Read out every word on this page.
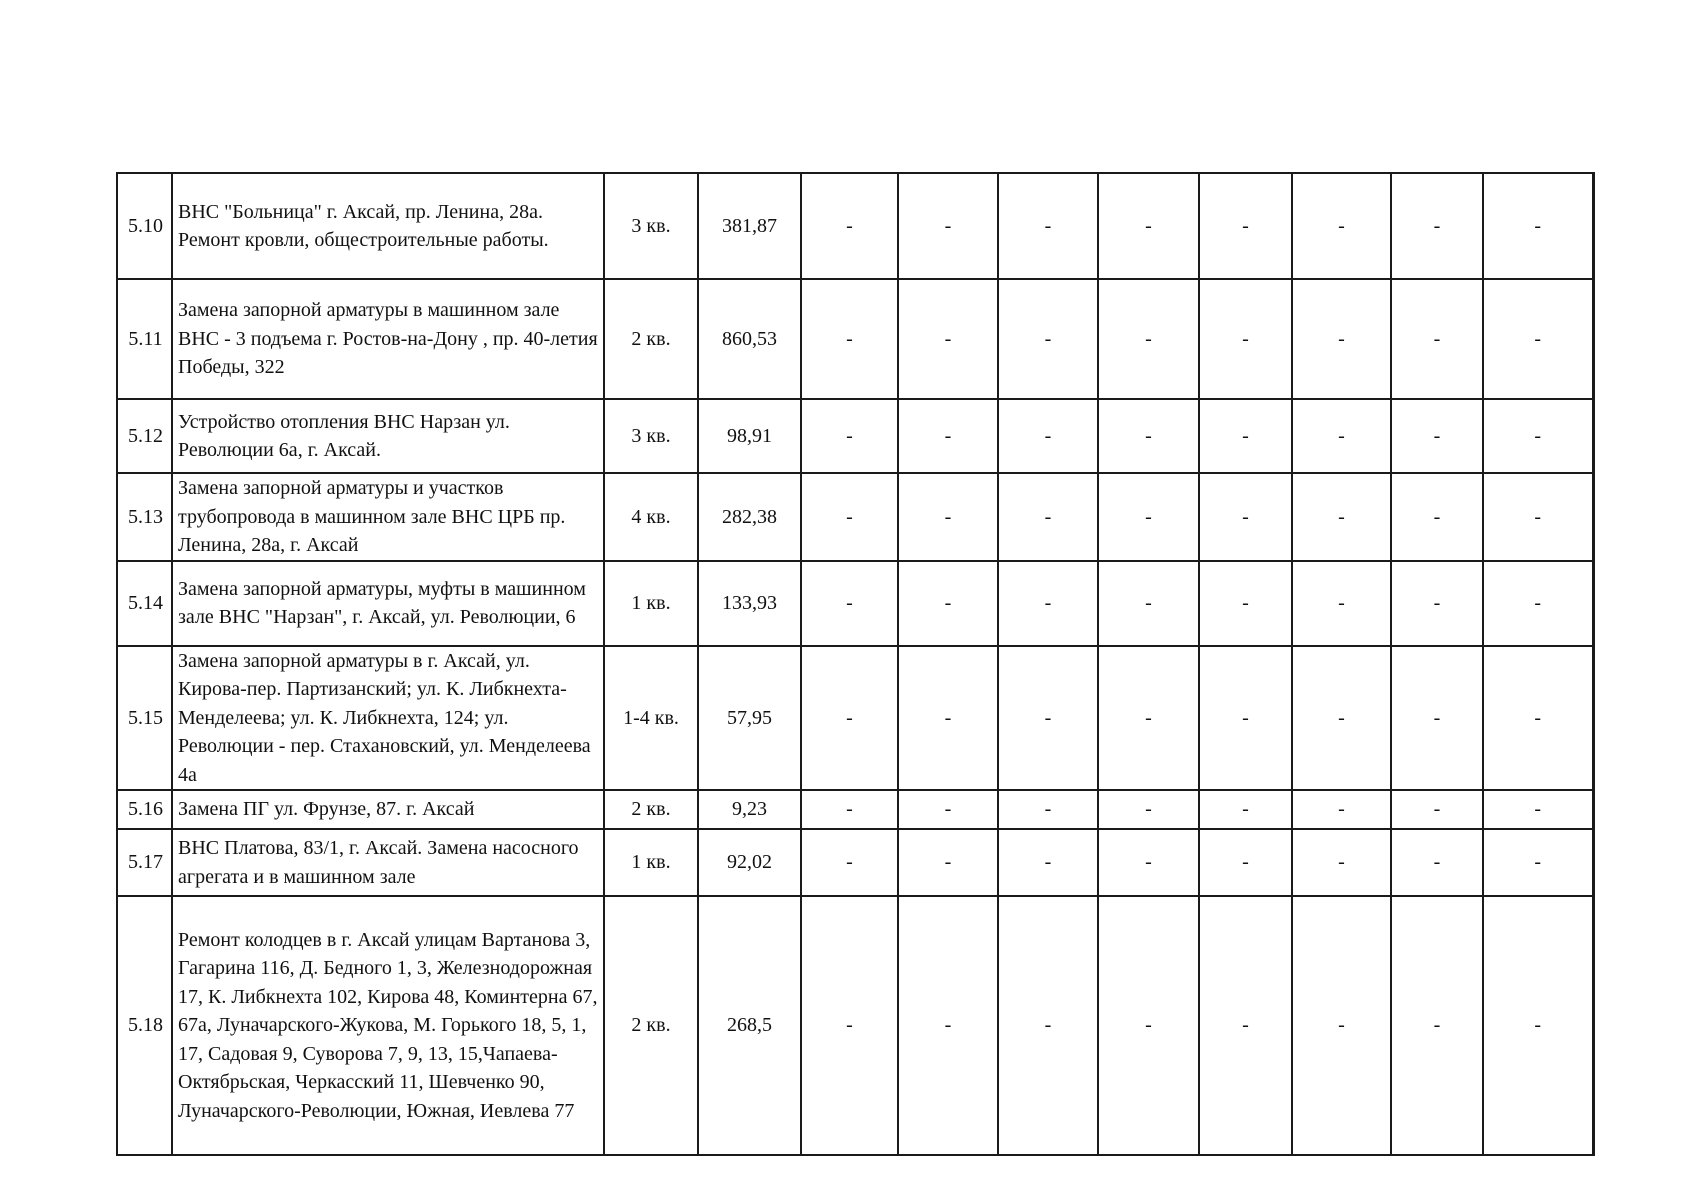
5.10	ВНС "Больница" г. Аксай, пр. Ленина, 28а. Ремонт кровли, общестроительные работы.	3 кв.	381,87	-	-	-	-	-	-	-	-
5.11	Замена запорной арматуры в машинном зале ВНС - 3 подъема г. Ростов-на-Дону , пр. 40-летия Победы, 322	2 кв.	860,53	-	-	-	-	-	-	-	-
5.12	Устройство отопления ВНС Нарзан ул. Революции 6а, г. Аксай.	3 кв.	98,91	-	-	-	-	-	-	-	-
5.13	Замена запорной арматуры и участков трубопровода в машинном зале ВНС ЦРБ пр. Ленина, 28а, г. Аксай	4 кв.	282,38	-	-	-	-	-	-	-	-
5.14	Замена запорной арматуры, муфты в машинном зале ВНС "Нарзан", г. Аксай, ул. Революции, 6	1 кв.	133,93	-	-	-	-	-	-	-	-
5.15	Замена запорной арматуры в г. Аксай, ул. Кирова-пер. Партизанский; ул. К. Либкнехта-Менделеева; ул. К. Либкнехта, 124; ул. Революции - пер. Стахановский, ул. Менделеева 4а	1-4 кв.	57,95	-	-	-	-	-	-	-	-
5.16	Замена ПГ ул. Фрунзе, 87. г. Аксай	2 кв.	9,23	-	-	-	-	-	-	-	-
5.17	ВНС Платова, 83/1, г. Аксай. Замена насосного агрегата и в машинном зале	1 кв.	92,02	-	-	-	-	-	-	-	-
5.18	Ремонт колодцев в г. Аксай улицам Вартанова 3, Гагарина 116, Д. Бедного 1, 3, Железнодорожная 17, К. Либкнехта 102, Кирова 48, Коминтерна 67, 67а, Луначарского-Жукова, М. Горького 18, 5, 1, 17, Садовая 9, Суворова 7, 9, 13, 15,Чапаева-Октябрьская, Черкасский 11, Шевченко 90, Луначарского-Революции, Южная, Иевлева 77	2 кв.	268,5	-	-	-	-	-	-	-	-
